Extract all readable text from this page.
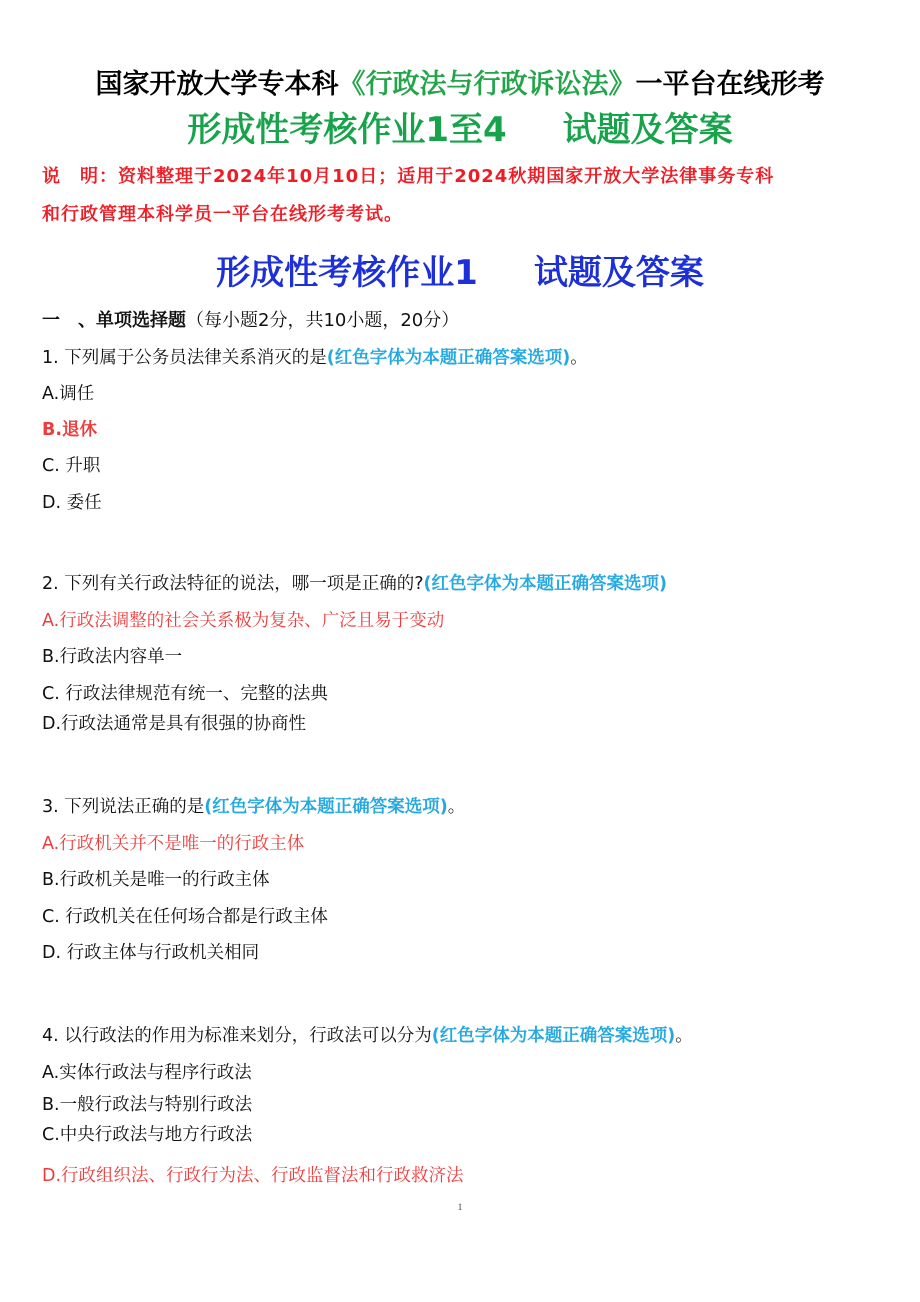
国家开放大学专本科《行政法与行政诉讼法》一平台在线形考
形成性考核作业1至4 试题及答案
说　明：资料整理于2024年10月10日；适用于2024秋期国家开放大学法律事务专科
和行政管理本科学员一平台在线形考考试。
形成性考核作业1 试题及答案
一　、单项选择题（每小题2分，共10小题，20分）
1. 下列属于公务员法律关系消灭的是(红色字体为本题正确答案选项)。
A.调任
B.退休
C. 升职
D. 委任
2. 下列有关行政法特征的说法，哪一项是正确的?(红色字体为本题正确答案选项)
A.行政法调整的社会关系极为复杂、广泛且易于变动
B.行政法内容单一
C. 行政法律规范有统一、完整的法典
D.行政法通常是具有很强的协商性
3. 下列说法正确的是(红色字体为本题正确答案选项)。
A.行政机关并不是唯一的行政主体
B.行政机关是唯一的行政主体
C. 行政机关在任何场合都是行政主体
D. 行政主体与行政机关相同
4. 以行政法的作用为标准来划分，行政法可以分为(红色字体为本题正确答案选项)。
A.实体行政法与程序行政法
B.一般行政法与特别行政法
C.中央行政法与地方行政法
D.行政组织法、行政行为法、行政监督法和行政救济法
1
